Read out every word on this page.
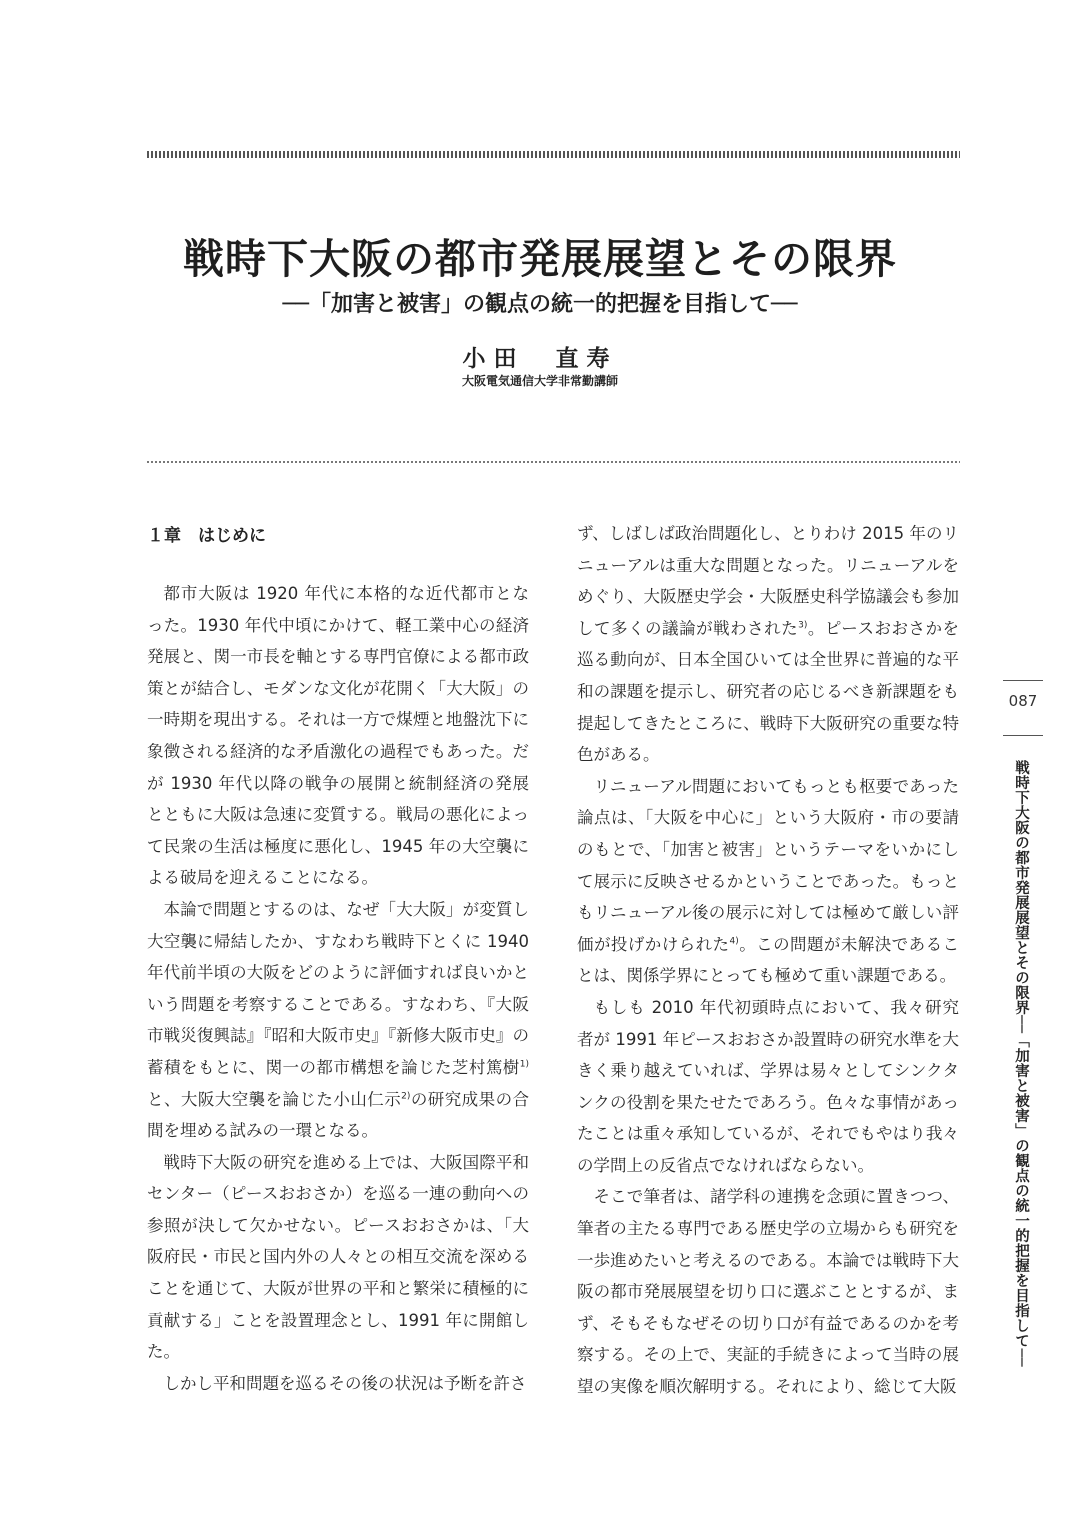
戦時下大阪の都市発展展望とその限界
──「加害と被害」の観点の統一的把握を目指して──
小田　直寿
大阪電気通信大学非常勤講師
１章　はじめに
都市大阪は 1920 年代に本格的な近代都市となった。1930 年代中頃にかけて、軽工業中心の経済発展と、関一市長を軸とする専門官僚による都市政策とが結合し、モダンな文化が花開く「大大阪」の一時期を現出する。それは一方で煤煙と地盤沈下に象徴される経済的な矛盾激化の過程でもあった。だが 1930 年代以降の戦争の展開と統制経済の発展とともに大阪は急速に変質する。戦局の悪化によって民衆の生活は極度に悪化し、1945 年の大空襲による破局を迎えることになる。
本論で問題とするのは、なぜ「大大阪」が変質し大空襲に帰結したか、すなわち戦時下とくに 1940 年代前半頃の大阪をどのように評価すれば良いかという問題を考察することである。すなわち、『大阪市戦災復興誌』『昭和大阪市史』『新修大阪市史』の蓄積をもとに、関一の都市構想を論じた芝村篤樹$^{1)}$と、大阪大空襲を論じた小山仁示$^{2)}$の研究成果の合間を埋める試みの一環となる。
戦時下大阪の研究を進める上では、大阪国際平和センター（ピースおおさか）を巡る一連の動向への参照が決して欠かせない。ピースおおさかは、「大阪府民・市民と国内外の人々との相互交流を深めることを通じて、大阪が世界の平和と繁栄に積極的に貢献する」ことを設置理念とし、1991 年に開館した。
しかし平和問題を巡るその後の状況は予断を許さ
ず、しばしば政治問題化し、とりわけ 2015 年のリニューアルは重大な問題となった。リニューアルをめぐり、大阪歴史学会・大阪歴史科学協議会も参加して多くの議論が戦わされた$^{3)}$。ピースおおさかを巡る動向が、日本全国ひいては全世界に普遍的な平和の課題を提示し、研究者の応じるべき新課題をも提起してきたところに、戦時下大阪研究の重要な特色がある。
リニューアル問題においてもっとも枢要であった論点は、「大阪を中心に」という大阪府・市の要請のもとで、「加害と被害」というテーマをいかにして展示に反映させるかということであった。もっともリニューアル後の展示に対しては極めて厳しい評価が投げかけられた$^{4)}$。この問題が未解決であることは、関係学界にとっても極めて重い課題である。
もしも 2010 年代初頭時点において、我々研究者が 1991 年ピースおおさか設置時の研究水準を大きく乗り越えていれば、学界は易々としてシンクタンクの役割を果たせたであろう。色々な事情があったことは重々承知しているが、それでもやはり我々の学問上の反省点でなければならない。
そこで筆者は、諸学科の連携を念頭に置きつつ、筆者の主たる専門である歴史学の立場からも研究を一歩進めたいと考えるのである。本論では戦時下大阪の都市発展展望を切り口に選ぶこととするが、まず、そもそもなぜその切り口が有益であるのかを考察する。その上で、実証的手続きによって当時の展望の実像を順次解明する。それにより、総じて大阪
087
戦時下大阪の都市発展展望とその限界──「加害と被害」の観点の統一的把握を目指して──
